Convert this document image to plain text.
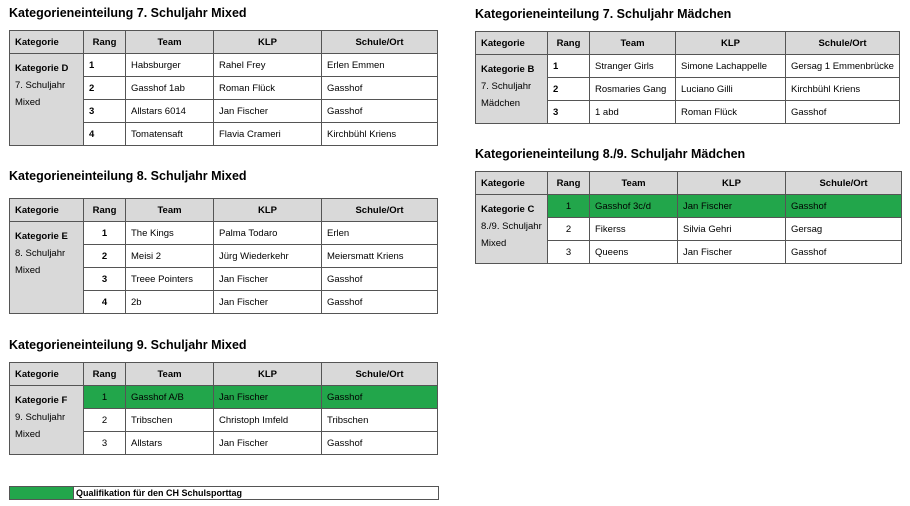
Kategorieneinteilung 7. Schuljahr Mixed
Kategorie	Rang	Team	KLP	Schule/Ort

Kategorie D
7. Schuljahr
Mixed	1	Habsburger	Rahel Frey	Erlen Emmen
	2	Gasshof 1ab	Roman Flück	Gasshof
	3	Allstars 6014	Jan Fischer	Gasshof
	4	Tomatensaft	Flavia Crameri	Kirchbühl Kriens
Kategorieneinteilung 8. Schuljahr Mixed
Kategorie	Rang	Team	KLP	Schule/Ort

Kategorie E
8. Schuljahr
Mixed	1	The Kings	Palma Todaro	Erlen
	2	Meisi 2	Jürg Wiederkehr	Meiersmatt Kriens
	3	Treee Pointers	Jan Fischer	Gasshof
	4	2b	Jan Fischer	Gasshof
Kategorieneinteilung 9. Schuljahr Mixed
Kategorie	Rang	Team	KLP	Schule/Ort

Kategorie F
9. Schuljahr
Mixed	1	Gasshof A/B	Jan Fischer	Gasshof
	2	Tribschen	Christoph Imfeld	Tribschen
	3	Allstars	Jan Fischer	Gasshof
Kategorieneinteilung 7. Schuljahr Mädchen
Kategorie	Rang	Team	KLP	Schule/Ort

Kategorie B
7. Schuljahr
Mädchen	1	Stranger Girls	Simone Lachappelle	Gersag 1 Emmenbrücke
	2	Rosmaries Gang	Luciano Gilli	Kirchbühl Kriens
	3	1 abd	Roman Flück	Gasshof
Kategorieneinteilung 8./9. Schuljahr Mädchen
Kategorie	Rang	Team	KLP	Schule/Ort

Kategorie C
8./9. Schuljahr
Mixed	1	Gasshof 3c/d	Jan Fischer	Gasshof
	2	Fikerss	Silvia Gehri	Gersag
	3	Queens	Jan Fischer	Gasshof
Qualifikation für den CH Schulsporttag
